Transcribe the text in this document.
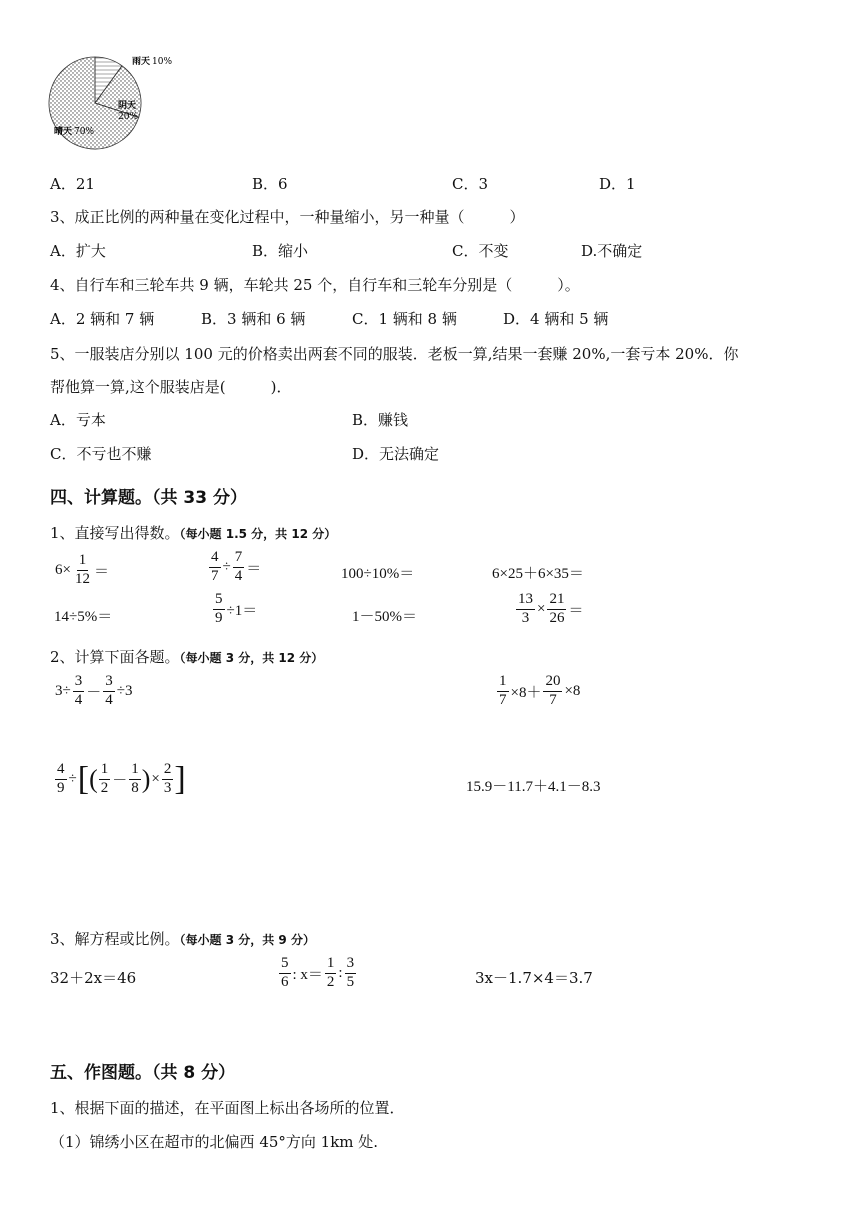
雨天 10%
阴天
20%
晴天 70%
A．21	B．6	C．3	D．1
3、成正比例的两种量在变化过程中，一种量缩小，另一种量（　　　）
A．扩大	B．缩小	C．不变	D.不确定
4、自行车和三轮车共 9 辆，车轮共 25 个，自行车和三轮车分别是（　　　）。
A．2 辆和 7 辆	B．3 辆和 6 辆	C．1 辆和 8 辆	D．4 辆和 5 辆
5、一服装店分别以 100 元的价格卖出两套不同的服装．老板一算,结果一套赚 20%,一套亏本 20%．你
帮他算一算,这个服装店是(　　　)．
A．亏本	B．赚钱
C．不亏也不赚	D．无法确定
四、计算题。（共 33 分）
1、直接写出得数。（每小题 1.5 分，共 12 分）
$6\times \frac{1}{12}$ ＝	$\frac{4}{7} \div \frac{7}{4}$ ＝	100÷10%＝	6×25＋6×35＝
14÷5%＝	$\frac{5}{9} \div 1=$	1－50%＝	$\frac{13}{3} \times \frac{21}{26}$ ＝
2、计算下面各题。（每小题 3 分，共 12 分）
$3\div \frac{3}{4} - \frac{3}{4} \div 3$	$\frac{1}{7} \times 8+ \frac{20}{7} \times 8$
$\frac{4}{9}$ ÷[( $\frac{1}{2} - \frac{1}{8}$ )× $\frac{2}{3}$ ]	15.9－11.7＋4.1－8.3
3、解方程或比例。（每小题 3 分，共 9 分）
32＋2x＝46	$\frac{5}{6}$ : $x= \frac{1}{2}$ : $\frac{3}{5}$	3x－1.7×4＝3.7
五、作图题。（共 8 分）
1、根据下面的描述，在平面图上标出各场所的位置．
（1）锦绣小区在超市的北偏西 45°方向 1km 处.
